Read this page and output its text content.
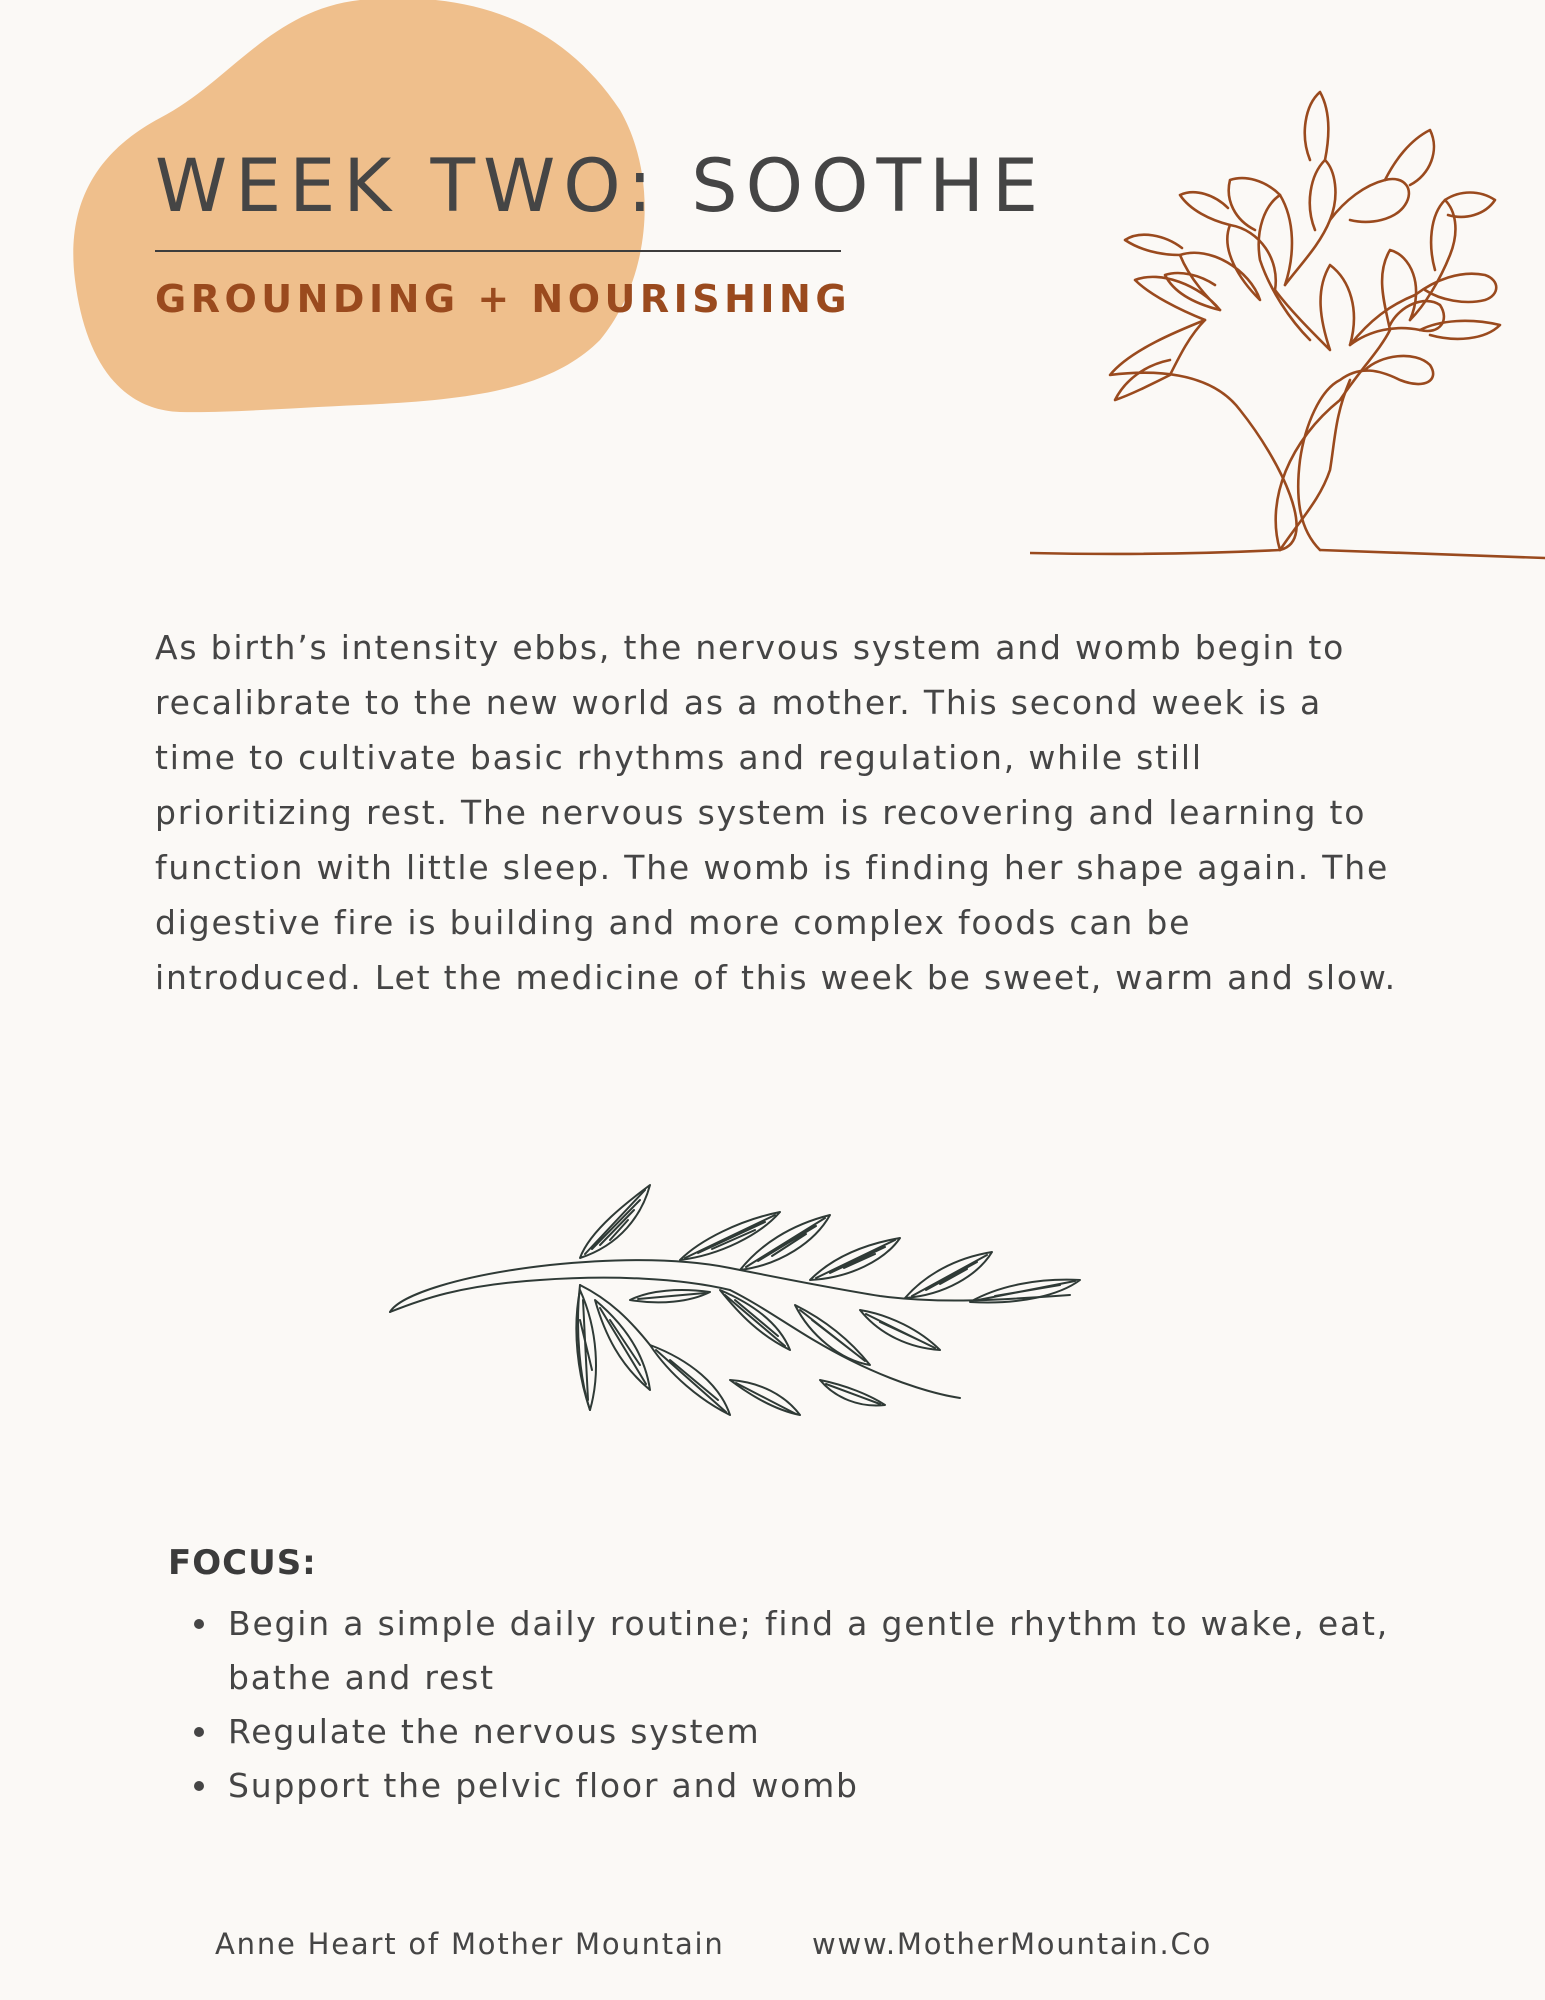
WEEK TWO: SOOTHE
GROUNDING + NOURISHING

As birth’s intensity ebbs, the nervous system and womb begin to recalibrate to the new world as a mother. This second week is a time to cultivate basic rhythms and regulation, while still prioritizing rest. The nervous system is recovering and learning to function with little sleep. The womb is finding her shape again. The digestive fire is building and more complex foods can be introduced. Let the medicine of this week be sweet, warm and slow.

FOCUS:
Begin a simple daily routine; find a gentle rhythm to wake, eat, bathe and rest
Regulate the nervous system
Support the pelvic floor and womb
Anne Heart of Mother Mountain	www.MotherMountain.Co
